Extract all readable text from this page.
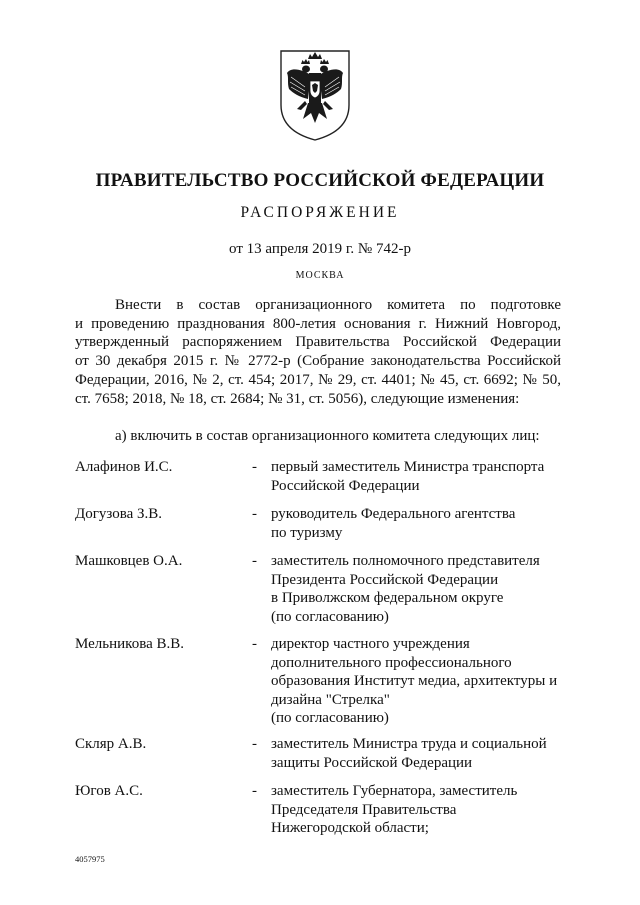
ПРАВИТЕЛЬСТВО РОССИЙСКОЙ ФЕДЕРАЦИИ
РАСПОРЯЖЕНИЕ
от 13 апреля 2019 г. № 742-р
МОСКВА
Внести в состав организационного комитета по подготовке
и проведению празднования 800-летия основания г. Нижний Новгород,
утвержденный распоряжением Правительства Российской Федерации
от 30 декабря 2015 г. № 2772-р (Собрание законодательства Российской
Федерации, 2016, № 2, ст. 454; 2017, № 29, ст. 4401; № 45, ст. 6692; № 50,
ст. 7658; 2018, № 18, ст. 2684; № 31, ст. 5056), следующие изменения:
а) включить в состав организационного комитета следующих лиц:
Алафинов И.С.	- первый заместитель Министра транспорта
Российской Федерации
Догузова З.В.	- руководитель Федерального агентства
по туризму
Машковцев О.А.	- заместитель полномочного представителя
Президента Российской Федерации
в Приволжском федеральном округе
(по согласованию)
Мельникова В.В.	- директор частного учреждения
дополнительного профессионального
образования Институт медиа, архитектуры и
дизайна "Стрелка"
(по согласованию)
Скляр А.В.	- заместитель Министра труда и социальной
защиты Российской Федерации
Югов А.С.	- заместитель Губернатора, заместитель
Председателя Правительства
Нижегородской области;
4057975
